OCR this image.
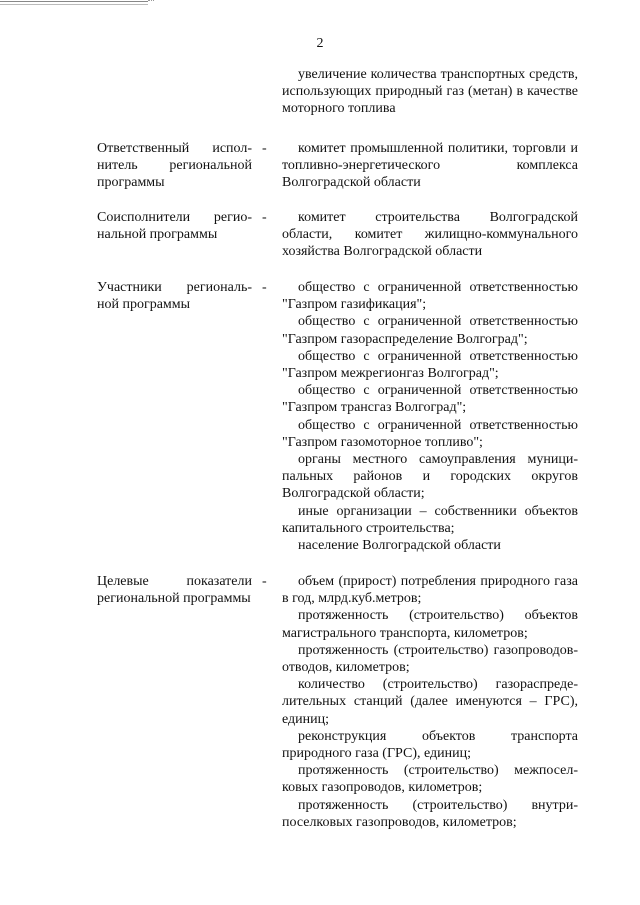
2

увеличение количества транспортных средств, использующих природный газ (метан) в качестве моторного топлива

Ответственный испол-
нитель региональной
программы
-	комитет промышленной политики, торговли и топливно-энергетического комплекса Волгоградской области

Соисполнители регио-
нальной программы
-	комитет строительства Волгоградской области, комитет жилищно-коммунального хозяйства Волгоградской области

Участники региональ-
ной программы
-	общество с ограниченной ответственностью "Газпром газификация";

общество с ограниченной ответственностью "Газпром газораспределение Волгоград";

общество с ограниченной ответственностью "Газпром межрегионгаз Волгоград";

общество с ограниченной ответственностью "Газпром трансгаз Волгоград";

общество с ограниченной ответственностью "Газпром газомоторное топливо";

органы местного самоуправления муниципальных районов и городских округов Волгоградской области;

иные организации – собственники объектов капитального строительства;

население Волгоградской области

Целевые показатели
региональной программы
-	объем (прирост) потребления природного газа в год, млрд.куб.метров;

протяженность (строительство) объектов магистрального транспорта, километров;

протяженность (строительство) газопроводов-отводов, километров;

количество (строительство) газораспределительных станций (далее именуются – ГРС), единиц;

реконструкция объектов транспорта природного газа (ГРС), единиц;

протяженность (строительство) межпоселковых газопроводов, километров;

протяженность (строительство) внутрипоселковых газопроводов, километров;
